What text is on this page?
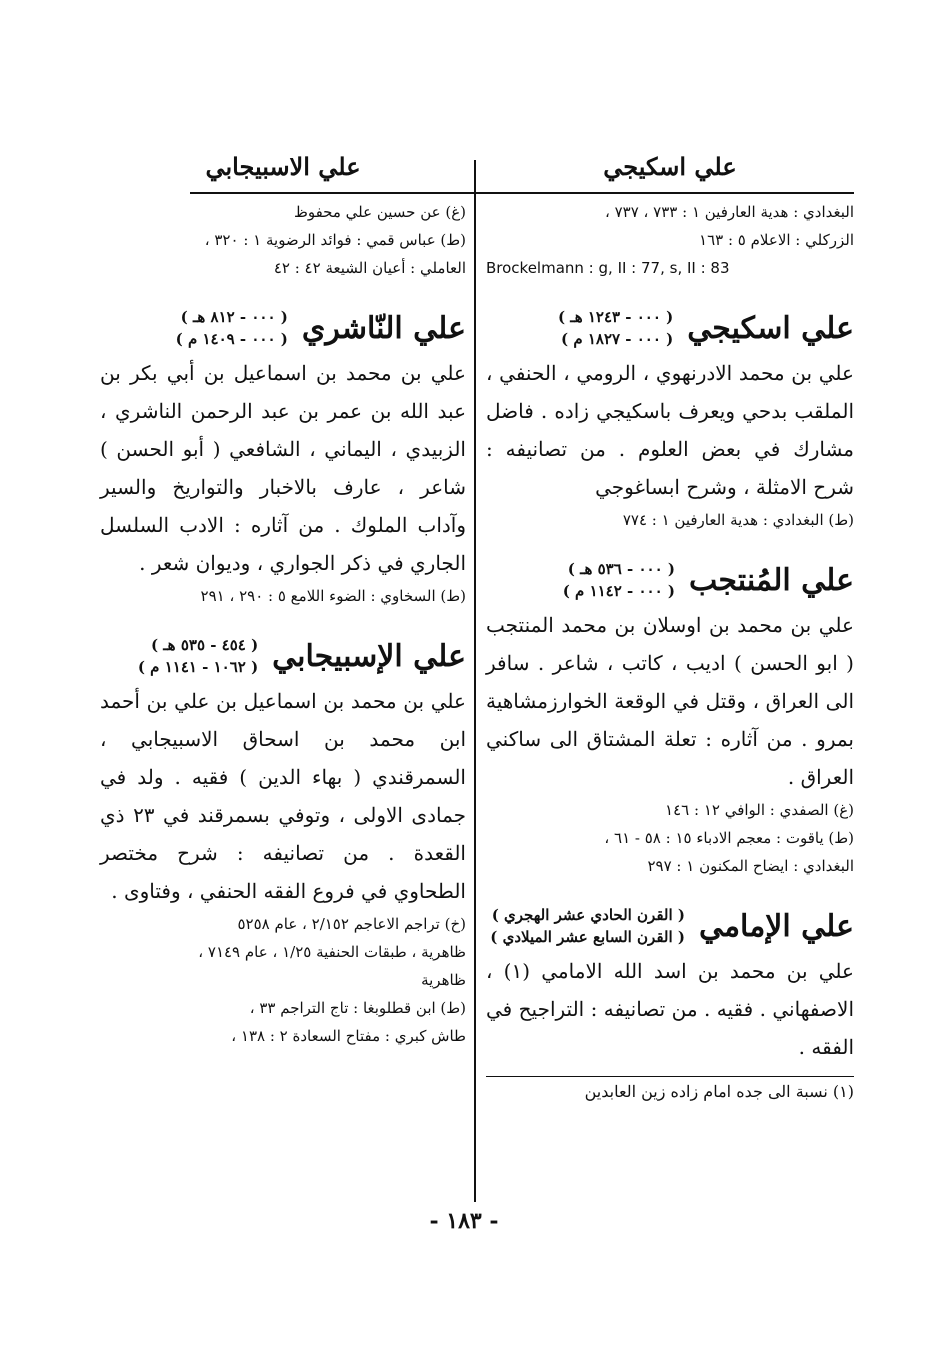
علي اسكيجي
البغدادي : هدية العارفين ١ : ٧٣٣ ، ٧٣٧ ،
الزركلي : الاعلام ٥ : ١٦٣
Brockelmann : g, II : 77, s, II : 83
علي اسكيجي
( ٠٠٠ - ١٢٤٣ هـ )
( ٠٠٠ - ١٨٢٧ م )
علي بن محمد الادرنهوي ، الرومي ، الحنفي ، الملقب بدحي ويعرف باسكيجي زاده . فاضل مشارك في بعض العلوم . من تصانيفه : شرح الامثلة ، وشرح ابساغوجي
(ط) البغدادي : هدية العارفين ١ : ٧٧٤
علي المُنتجب
( ٠٠٠ - ٥٣٦ هـ )
( ٠٠٠ - ١١٤٢ م )
علي بن محمد بن اوسلان بن محمد المنتجب ( ابو الحسن ) اديب ، كاتب ، شاعر . سافر الى العراق ، وقتل في الوقعة الخوارزمشاهية بمرو . من آثاره : تعلة المشتاق الى ساكني العراق .
(غ) الصفدي : الوافي ١٢ : ١٤٦
(ط) ياقوت : معجم الادباء ١٥ : ٥٨ - ٦١ ،
البغدادي : ايضاح المكنون ١ : ٢٩٧
علي الإمامي
( القرن الحادي عشر الهجري )
( القرن السابع عشر الميلادي )
علي بن محمد بن اسد الله الامامي (١) ، الاصفهاني . فقيه . من تصانيفه : التراجيح في الفقه .
(١) نسبة الى جده امام زاده زين العابدين
علي الاسبيجابي
(غ) عن حسين علي محفوظ
(ط) عباس قمي : فوائد الرضوية ١ : ٣٢٠ ،
العاملي : أعيان الشيعة ٤٢ : ٤٢
علي النّاشري
( ٠٠٠ - ٨١٢ هـ )
( ٠٠٠ - ١٤٠٩ م )
علي بن محمد بن اسماعيل بن أبي بكر بن عبد الله بن عمر بن عبد الرحمن الناشري ، الزبيدي ، اليماني ، الشافعي ( أبو الحسن ) شاعر ، عارف بالاخبار والتواريخ والسير وآداب الملوك . من آثاره : الادب السلسل الجاري في ذكر الجواري ، وديوان شعر .
(ط) السخاوي : الضوء اللامع ٥ : ٢٩٠ ، ٢٩١
علي الإسبيجابي
( ٤٥٤ - ٥٣٥ هـ )
( ١٠٦٢ - ١١٤١ م )
علي بن محمد بن اسماعيل بن علي بن أحمد ابن محمد بن اسحاق الاسبيجابي ، السمرقندي ( بهاء الدين ) فقيه . ولد في جمادى الاولى ، وتوفي بسمرقند في ٢٣ ذي القعدة . من تصانيفه : شرح مختصر الطحاوي في فروع الفقه الحنفي ، وفتاوى .
(خ) تراجم الاعاجم ٢/١٥٢ ، عام ٥٢٥٨
ظاهرية ، طبقات الحنفية ١/٢٥ ، عام ٧١٤٩ ،
ظاهرية
(ط) ابن قطلوبغا : تاج التراجم ٣٣ ،
طاش كبري : مفتاح السعادة ٢ : ١٣٨ ،
- ١٨٣ -
